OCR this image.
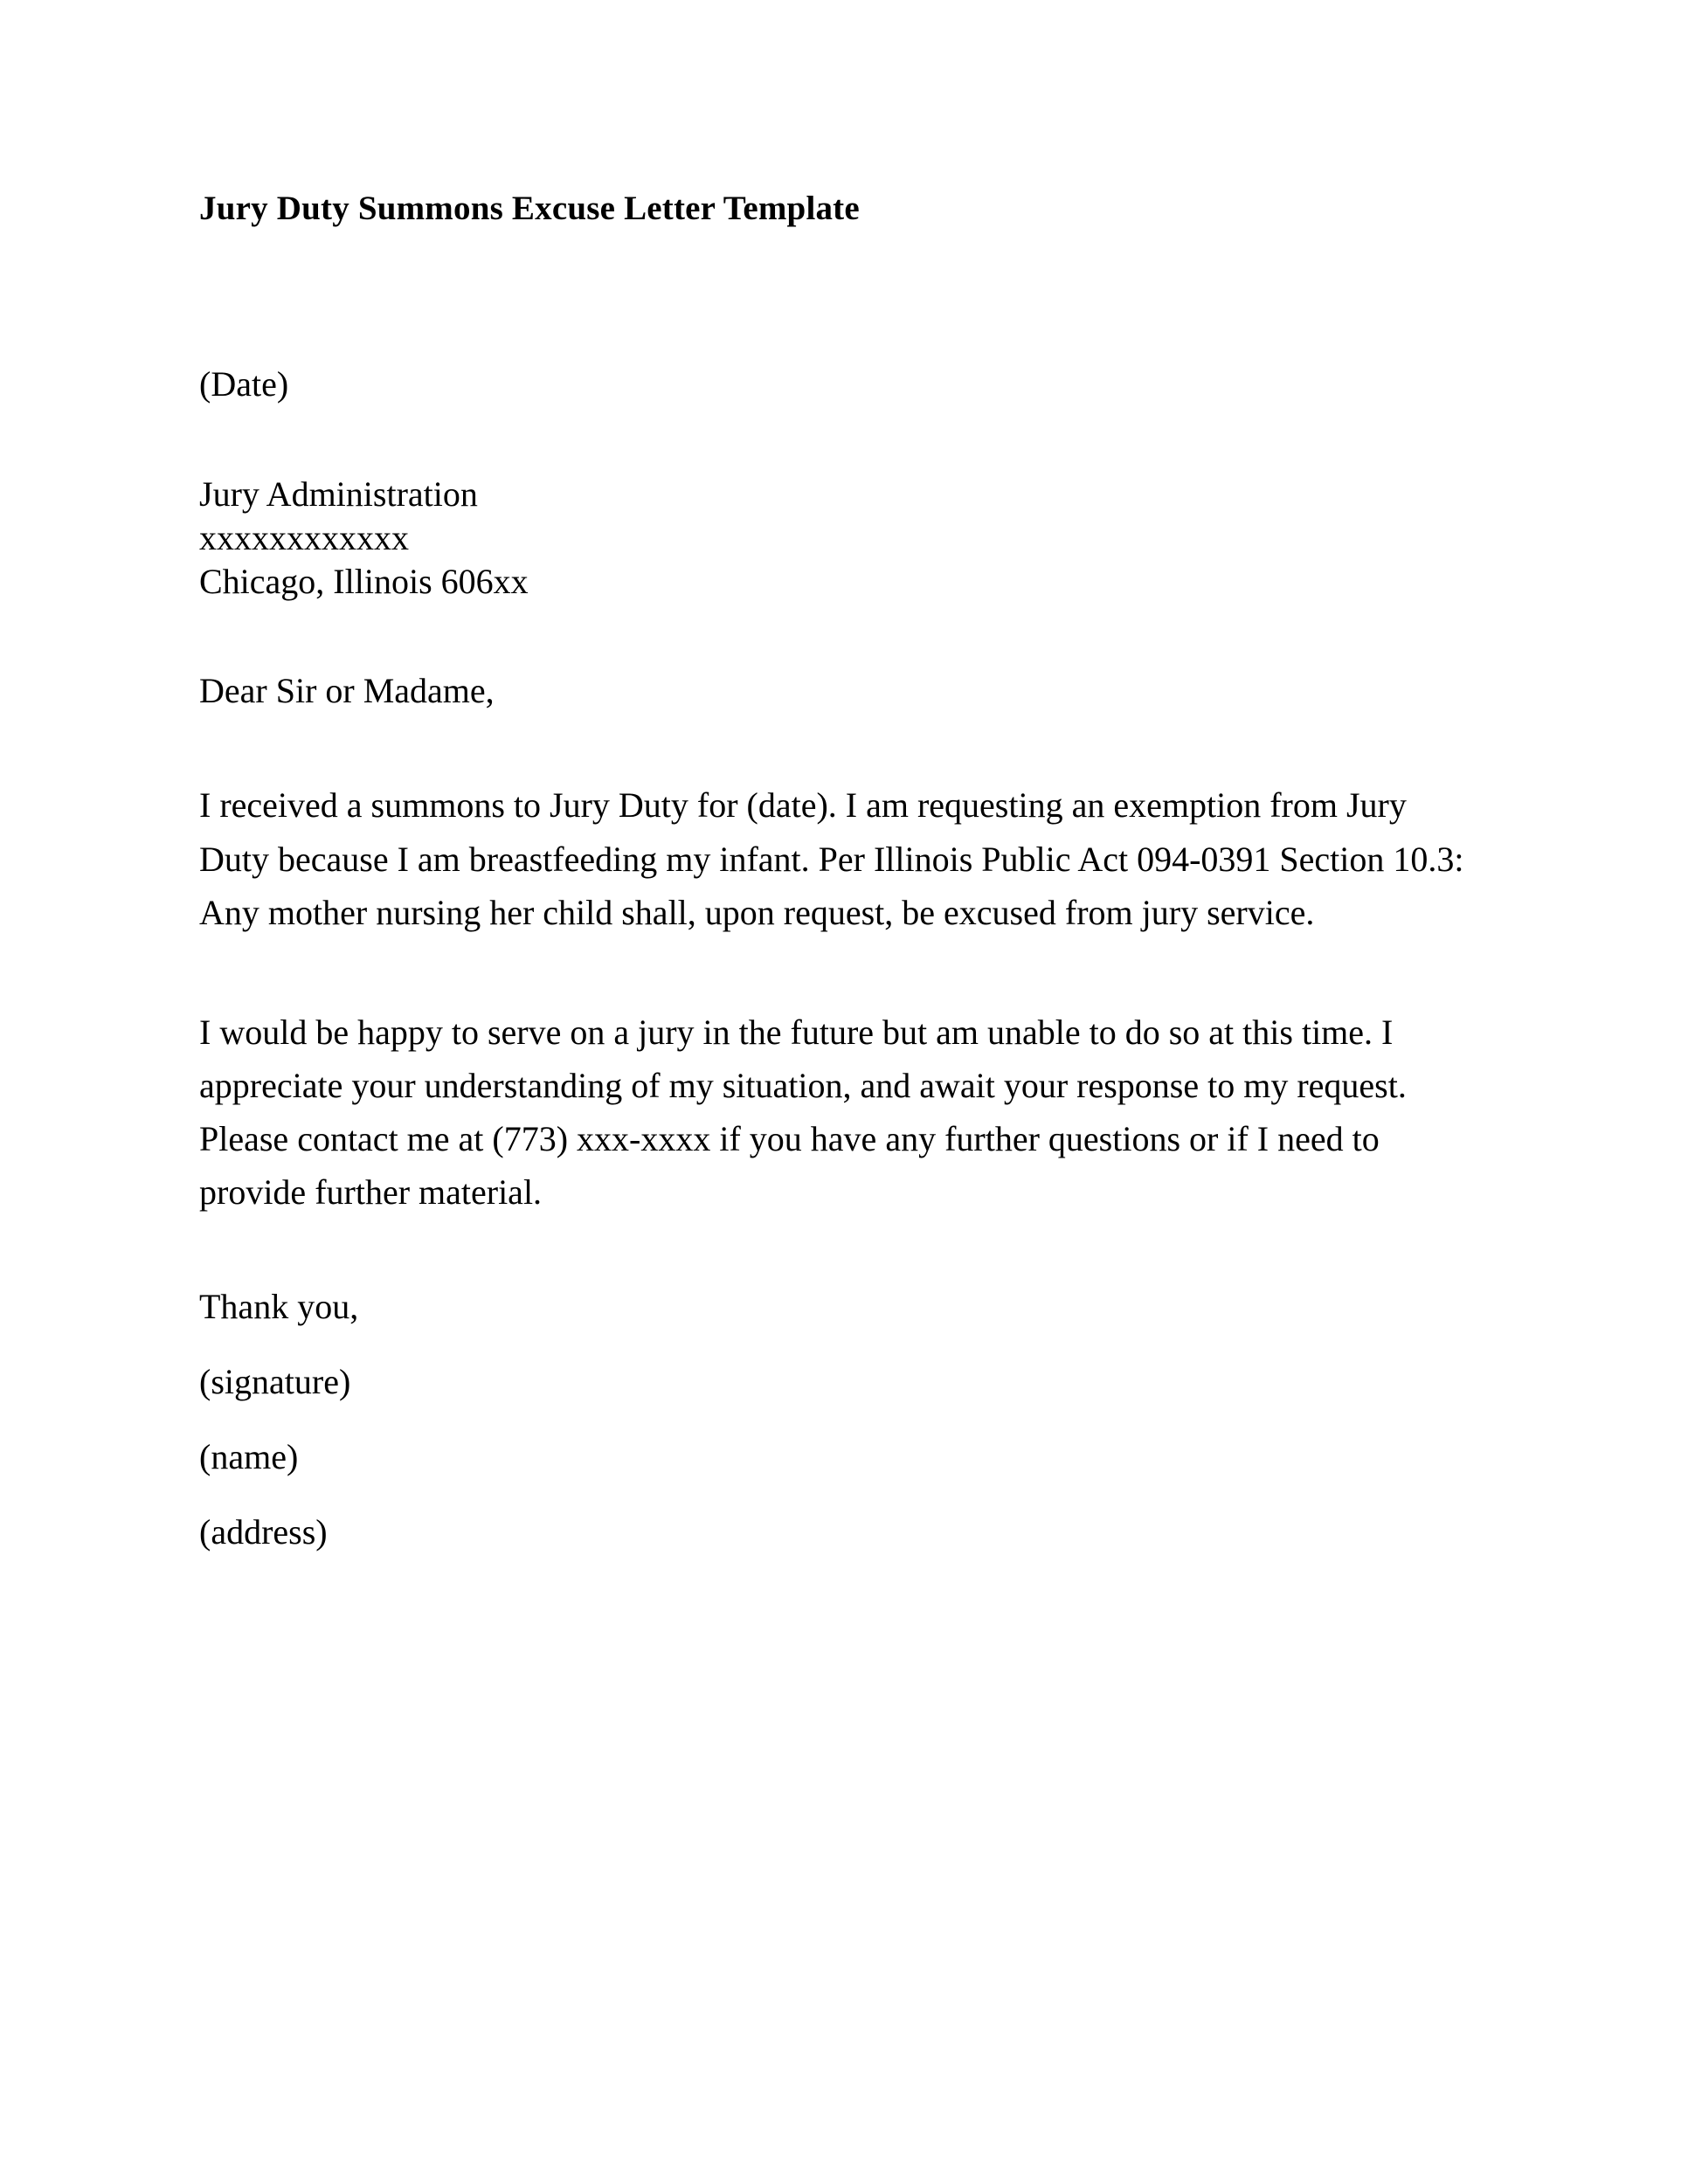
Jury Duty Summons Excuse Letter Template

(Date)

Jury Administration

xxxxxxxxxxxx

Chicago, Illinois 606xx

Dear Sir or Madame,

I received a summons to Jury Duty for (date). I am requesting an exemption from Jury Duty because I am breastfeeding my infant. Per Illinois Public Act 094-0391 Section 10.3: Any mother nursing her child shall, upon request, be excused from jury service.

I would be happy to serve on a jury in the future but am unable to do so at this time. I appreciate your understanding of my situation, and await your response to my request. Please contact me at (773) xxx-xxxx if you have any further questions or if I need to provide further material.

Thank you,

(signature)

(name)

(address)
